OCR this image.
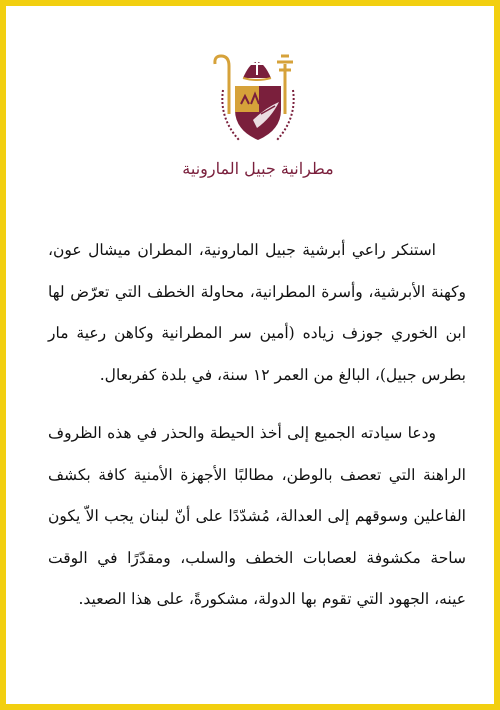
مطرانية جبيل المارونية

استنكر راعي أبرشية جبيل المارونية، المطران ميشال عون، وكهنة الأبرشية، وأسرة المطرانية، محاولة الخطف التي تعرّض لها ابن الخوري جوزف زياده (أمين سر المطرانية وكاهن رعية مار بطرس جبيل)، البالغ من العمر ١٢ سنة، في بلدة كفربعال.

ودعا سيادته الجميع إلى أخذ الحيطة والحذر في هذه الظروف الراهنة التي تعصف بالوطن، مطالبًا الأجهزة الأمنية كافة بكشف الفاعلين وسوقهم إلى العدالة، مُشدّدًا على أنّ لبنان يجب الاّ يكون ساحة مكشوفة لعصابات الخطف والسلب، ومقدّرًا في الوقت عينه، الجهود التي تقوم بها الدولة، مشكورةً، على هذا الصعيد.
